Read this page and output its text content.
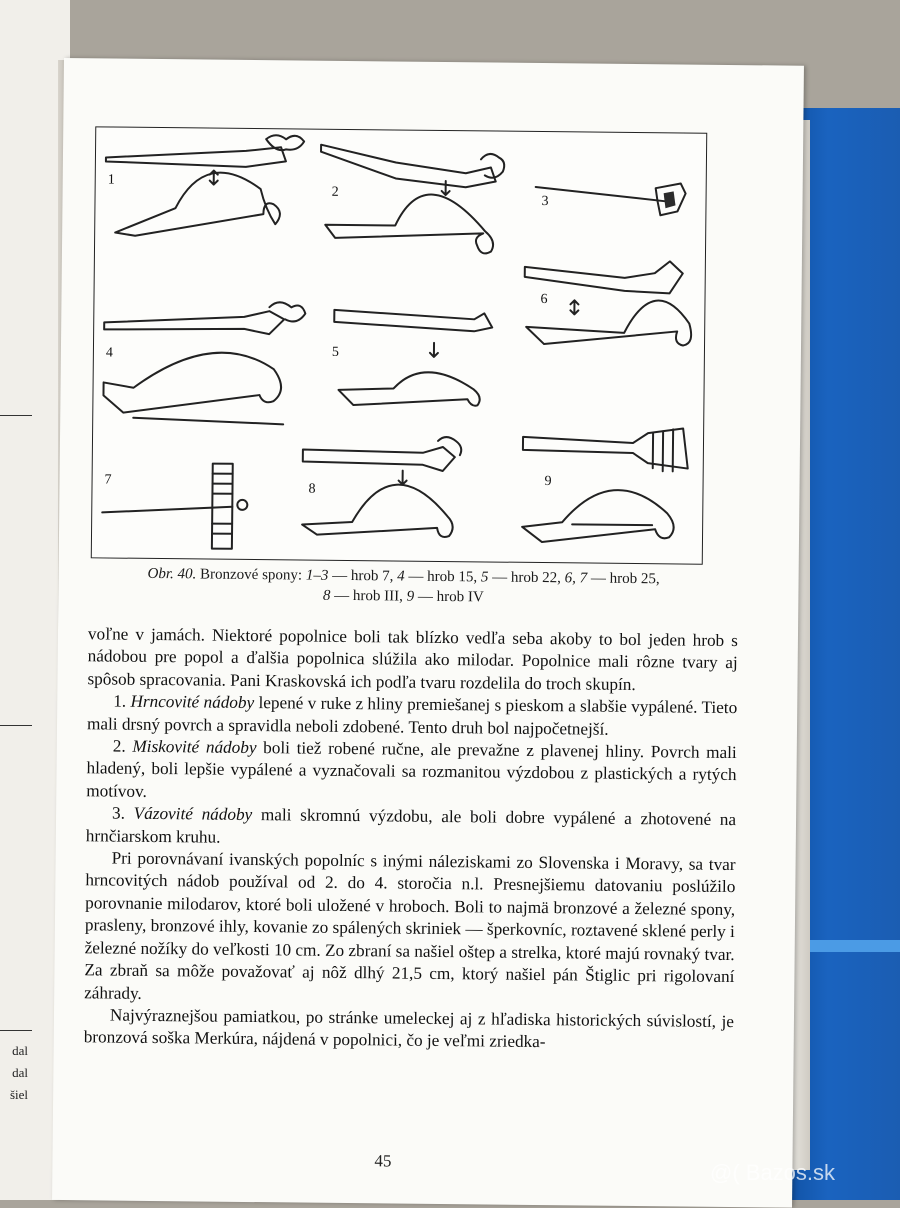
dal
dal
šiel
1
2
3
4	5
6
7
8	9
Obr. 40. Bronzové spony: 1–3 — hrob 7, 4 — hrob 15, 5 — hrob 22, 6, 7 — hrob 25,
8 — hrob III, 9 — hrob IV

voľne v jamách. Niektoré popolnice boli tak blízko vedľa seba akoby to bol jeden hrob s nádobou pre popol a ďalšia popolnica slúžila ako milodar. Popolnice mali rôzne tvary aj spôsob spracovania. Pani Kraskovská ich podľa tvaru rozdelila do troch skupín.

1. Hrncovité nádoby lepené v ruke z hliny premiešanej s pieskom a slabšie vypálené. Tieto mali drsný povrch a spravidla neboli zdobené. Tento druh bol najpočetnejší.

2. Miskovité nádoby boli tiež robené ručne, ale prevažne z plavenej hliny. Povrch mali hladený, boli lepšie vypálené a vyznačovali sa rozmanitou výzdobou z plastických a rytých motívov.

3. Vázovité nádoby mali skromnú výzdobu, ale boli dobre vypálené a zhotovené na hrnčiarskom kruhu.

Pri porovnávaní ivanských popolníc s inými náleziskami zo Slovenska i Moravy, sa tvar hrncovitých nádob používal od 2. do 4. storočia n.l. Presnejšiemu datovaniu poslúžilo porovnanie milodarov, ktoré boli uložené v hroboch. Boli to najmä bronzové a železné spony, prasleny, bronzové ihly, kovanie zo spálených skriniek — šperkovníc, roztavené sklené perly i železné nožíky do veľkosti 10 cm. Zo zbraní sa našiel oštep a strelka, ktoré majú rovnaký tvar. Za zbraň sa môže považovať aj nôž dlhý 21,5 cm, ktorý našiel pán Štiglic pri rigolovaní záhrady.

Najvýraznejšou pamiatkou, po stránke umeleckej aj z hľadiska historických súvislostí, je bronzová soška Merkúra, nájdená v popolnici, čo je veľmi zriedka-

45	@( Bazos.sk
